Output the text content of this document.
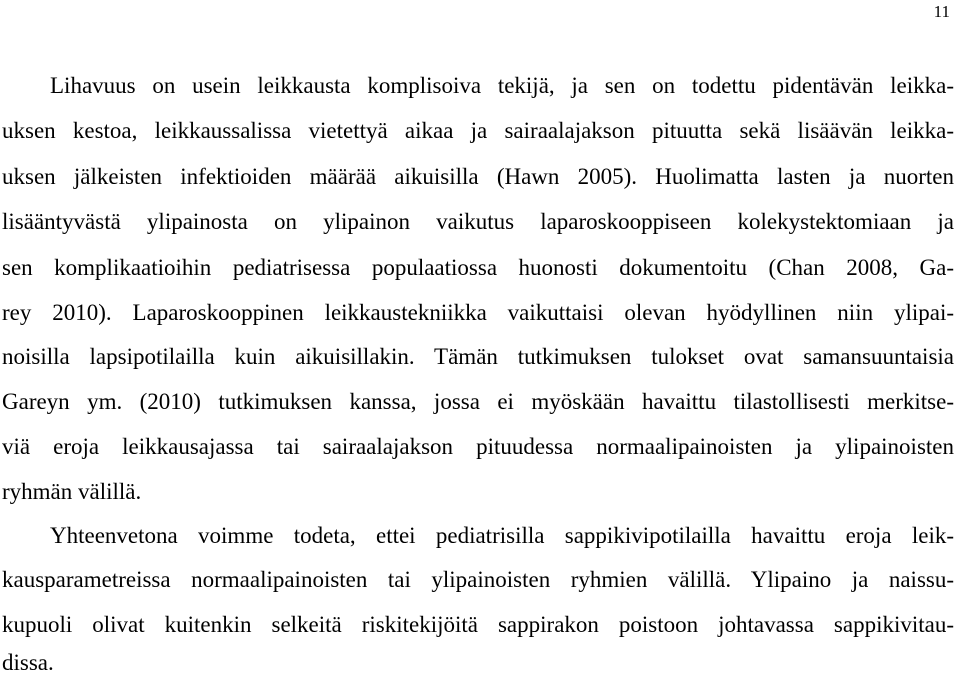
11
Lihavuus on usein leikkausta komplisoiva tekijä, ja sen on todettu pidentävän leikka-
uksen kestoa, leikkaussalissa vietettyä aikaa ja sairaalajakson pituutta sekä lisäävän leikka-
uksen jälkeisten infektioiden määrää aikuisilla (Hawn 2005). Huolimatta lasten ja nuorten
lisääntyvästä ylipainosta on ylipainon vaikutus laparoskooppiseen kolekystektomiaan ja
sen komplikaatioihin pediatrisessa populaatiossa huonosti dokumentoitu (Chan 2008, Ga-
rey 2010). Laparoskooppinen leikkaustekniikka vaikuttaisi olevan hyödyllinen niin ylipai-
noisilla lapsipotilailla kuin aikuisillakin. Tämän tutkimuksen tulokset ovat samansuuntaisia
Gareyn ym. (2010) tutkimuksen kanssa, jossa ei myöskään havaittu tilastollisesti merkitse-
viä eroja leikkausajassa tai sairaalajakson pituudessa normaalipainoisten ja ylipainoisten
ryhmän välillä.
Yhteenvetona voimme todeta, ettei pediatrisilla sappikivipotilailla havaittu eroja leik-
kausparametreissa normaalipainoisten tai ylipainoisten ryhmien välillä. Ylipaino ja naissu-
kupuoli olivat kuitenkin selkeitä riskitekijöitä sappirakon poistoon johtavassa sappikivitau-
dissa.
